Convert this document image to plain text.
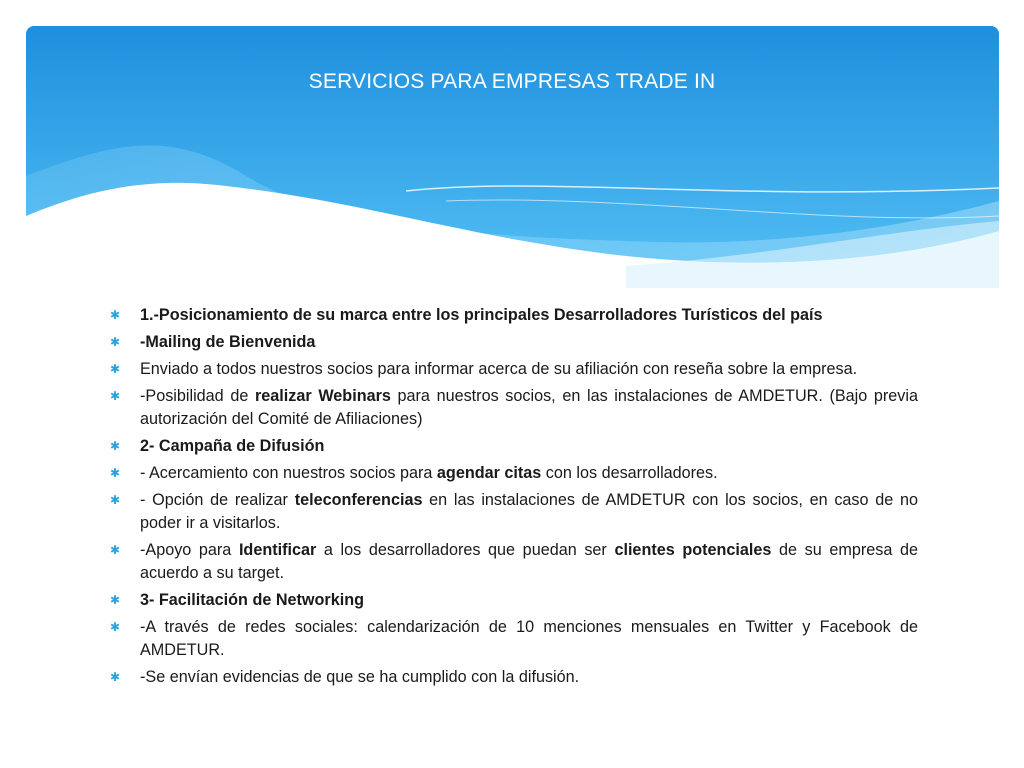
SERVICIOS PARA EMPRESAS TRADE IN
✱ 1.-Posicionamiento de su marca entre los principales Desarrolladores Turísticos del país
✱ -Mailing de Bienvenida
✱ Enviado a todos nuestros socios para informar acerca de su afiliación con reseña sobre la empresa.
✱ -Posibilidad de realizar Webinars para nuestros socios, en las instalaciones de AMDETUR. (Bajo previa autorización del Comité de Afiliaciones)
✱ 2- Campaña de Difusión
✱ - Acercamiento con nuestros socios para agendar citas con los desarrolladores.
✱ - Opción de realizar teleconferencias en las instalaciones de AMDETUR con los socios, en caso de no poder ir a visitarlos.
✱ -Apoyo para Identificar a los desarrolladores que puedan ser clientes potenciales de su empresa de acuerdo a su target.
✱ 3- Facilitación de Networking
✱ -A través de redes sociales: calendarización de 10 menciones mensuales en Twitter y Facebook de AMDETUR.
✱ -Se envían evidencias de que se ha cumplido con la difusión.
